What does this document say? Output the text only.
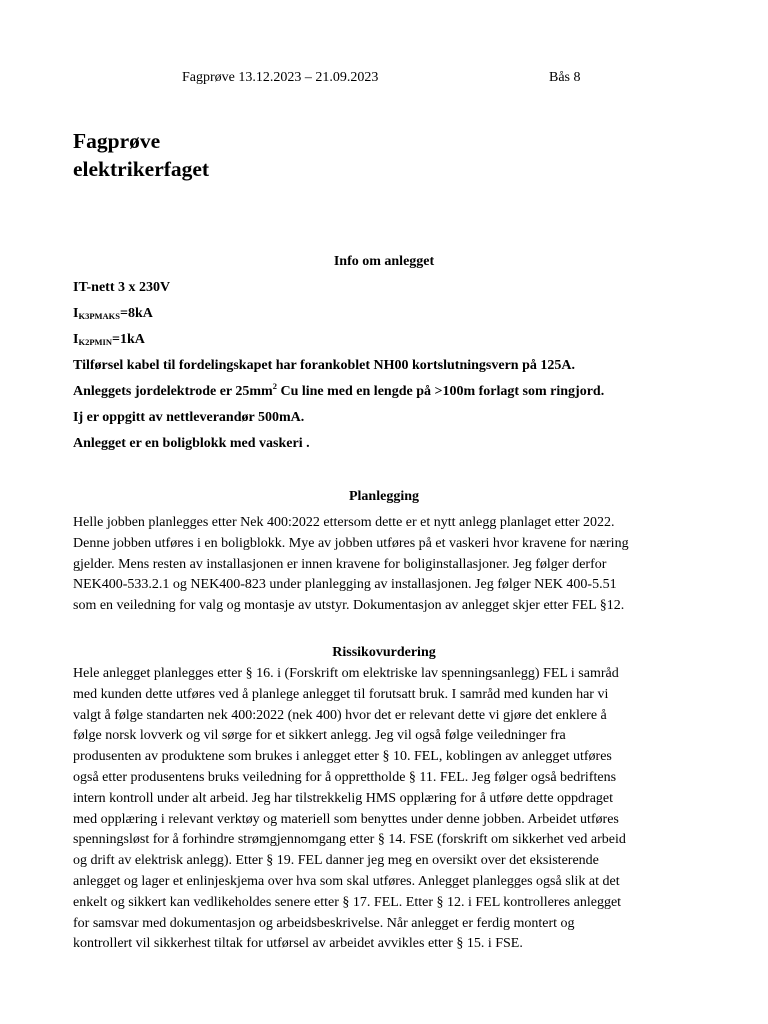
Fagprøve 13.12.2023 – 21.09.2023	Bås 8
Fagprøve
elektrikerfaget
Info om anlegget
IT-nett 3 x 230V
$I_{K3PMAKS}=8kA$
$I_{K2PMIN}=1kA$
Tilførsel kabel til fordelingskapet har forankoblet NH00 kortslutningsvern på 125A.
Anleggets jordelektrode er $25mm^2$ Cu line med en lengde på >100m forlagt som ringjord.
Ij er oppgitt av nettleverandør 500mA.
Anlegget er en boligblokk med vaskeri .
Planlegging

Helle jobben planlegges etter Nek 400:2022 ettersom dette er et nytt anlegg planlaget etter 2022.
Denne jobben utføres i en boligblokk. Mye av jobben utføres på et vaskeri hvor kravene for næring
gjelder. Mens resten av installasjonen er innen kravene for boliginstallasjoner. Jeg følger derfor
NEK400-533.2.1 og NEK400-823 under planlegging av installasjonen. Jeg følger NEK 400-5.51
som en veiledning for valg og montasje av utstyr. Dokumentasjon av anlegget skjer etter FEL §12.

Rissikovurdering

Hele anlegget planlegges etter § 16. i (Forskrift om elektriske lav spenningsanlegg) FEL i samråd
med kunden dette utføres ved å planlege anlegget til forutsatt bruk. I samråd med kunden har vi
valgt å følge standarten nek 400:2022 (nek 400) hvor det er relevant dette vi gjøre det enklere å
følge norsk lovverk og vil sørge for et sikkert anlegg. Jeg vil også følge veiledninger fra
produsenten av produktene som brukes i anlegget etter § 10. FEL, koblingen av anlegget utføres
også etter produsentens bruks veiledning for å opprettholde § 11. FEL. Jeg følger også bedriftens
intern kontroll under alt arbeid. Jeg har tilstrekkelig HMS opplæring for å utføre dette oppdraget
med opplæring i relevant verktøy og materiell som benyttes under denne jobben. Arbeidet utføres
spenningsløst for å forhindre strømgjennomgang etter § 14. FSE (forskrift om sikkerhet ved arbeid
og drift av elektrisk anlegg). Etter § 19. FEL danner jeg meg en oversikt over det eksisterende
anlegget og lager et enlinjeskjema over hva som skal utføres. Anlegget planlegges også slik at det
enkelt og sikkert kan vedlikeholdes senere etter § 17. FEL. Etter § 12. i FEL kontrolleres anlegget
for samsvar med dokumentasjon og arbeidsbeskrivelse. Når anlegget er ferdig montert og
kontrollert vil sikkerhest tiltak for utførsel av arbeidet avvikles etter § 15. i FSE.
